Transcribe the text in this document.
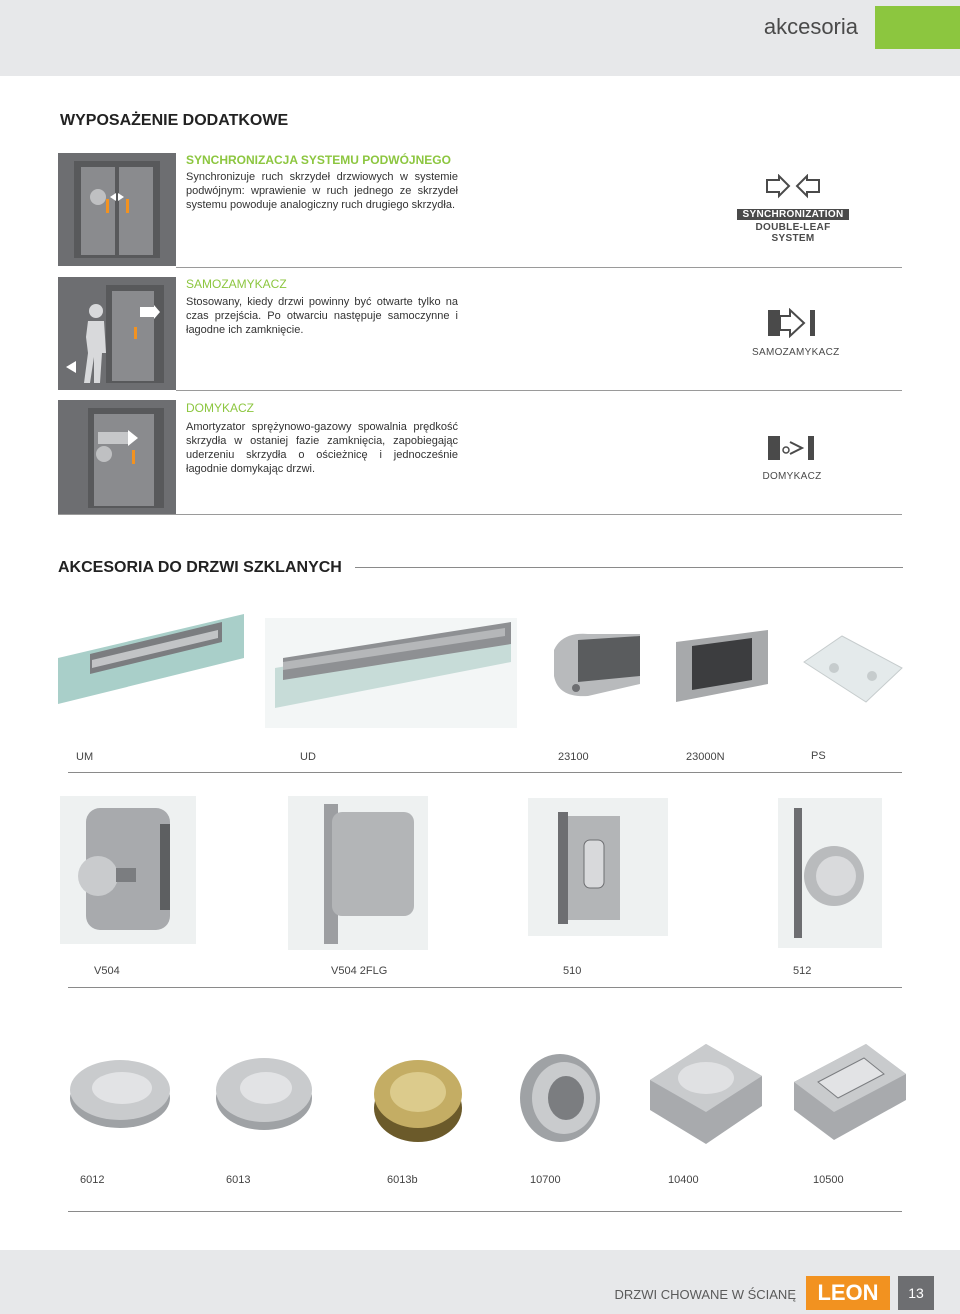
akcesoria
WYPOSAŻENIE DODATKOWE
SYNCHRONIZACJA SYSTEMU PODWÓJNEGO
Synchronizuje ruch skrzydeł drzwiowych w systemie podwójnym: wprawienie w ruch jednego ze skrzydeł systemu powoduje analogiczny ruch drugiego skrzydła.
SYNCHRONIZATION
DOUBLE-LEAF SYSTEM
SAMOZAMYKACZ
Stosowany, kiedy drzwi powinny być otwarte tylko na czas przejścia. Po otwarciu następuje samoczynne i łagodne ich zamknięcie.
SAMOZAMYKACZ
DOMYKACZ
Amortyzator sprężynowo-gazowy spowalnia prędkość skrzydła w ostaniej fazie zamknięcia, zapobiegając uderzeniu skrzydła o ościeżnicę i jednocześnie łagodnie domykając drzwi.
DOMYKACZ
AKCESORIA DO DRZWI SZKLANYCH
UM	UD	23100	23000N	PS
V504	V504 2FLG	510	512
6012	6013	6013b	10700	10400	10500
DRZWI CHOWANE W ŚCIANĘ LEON	13
